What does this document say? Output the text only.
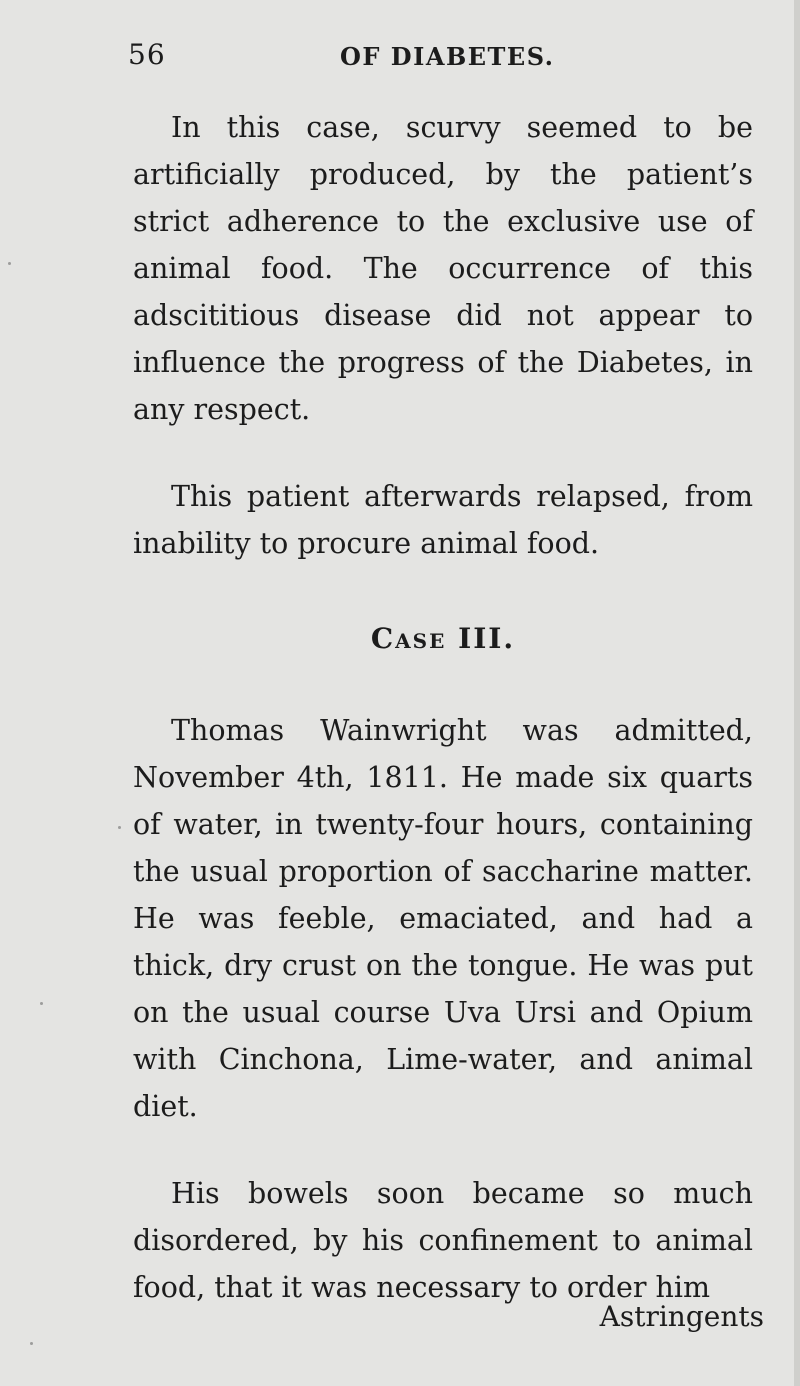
56	OF DIABETES.

In this case, scurvy seemed to be artificially produced, by the patient’s strict adherence to the exclusive use of animal food. The occurrence of this adscititious disease did not appear to influence the progress of the Diabetes, in any respect.

This patient afterwards relapsed, from inability to procure animal food.

Case III.

Thomas Wainwright was admitted, November 4th, 1811. He made six quarts of water, in twenty-four hours, containing the usual proportion of saccharine matter. He was feeble, emaciated, and had a thick, dry crust on the tongue. He was put on the usual course Uva Ursi and Opium with Cinchona, Lime-water, and animal diet.

His bowels soon became so much disordered, by his confinement to animal food, that it was necessary to order him

Astringents
